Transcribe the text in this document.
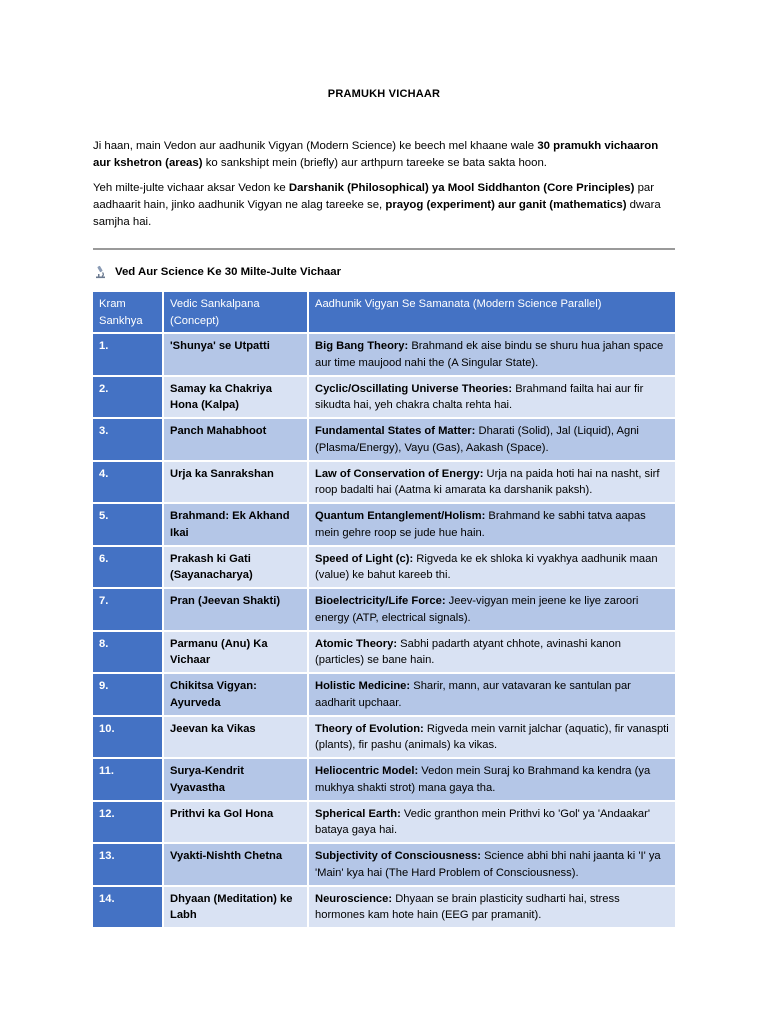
PRAMUKH VICHAAR

Ji haan, main Vedon aur aadhunik Vigyan (Modern Science) ke beech mel khaane wale 30 pramukh vichaaron aur kshetron (areas) ko sankshipt mein (briefly) aur arthpurn tareeke se bata sakta hoon.

Yeh milte-julte vichaar aksar Vedon ke Darshanik (Philosophical) ya Mool Siddhanton (Core Principles) par aadhaarit hain, jinko aadhunik Vigyan ne alag tareeke se, prayog (experiment) aur ganit (mathematics) dwara samjha hai.

Ved Aur Science Ke 30 Milte-Julte Vichaar
Kram Sankhya	Vedic Sankalpana (Concept)	Aadhunik Vigyan Se Samanata (Modern Science Parallel)
1.	'Shunya' se Utpatti	Big Bang Theory: Brahmand ek aise bindu se shuru hua jahan space aur time maujood nahi the (A Singular State).
2.	Samay ka Chakriya Hona (Kalpa)	Cyclic/Oscillating Universe Theories: Brahmand failta hai aur fir sikudta hai, yeh chakra chalta rehta hai.
3.	Panch Mahabhoot	Fundamental States of Matter: Dharati (Solid), Jal (Liquid), Agni (Plasma/Energy), Vayu (Gas), Aakash (Space).
4.	Urja ka Sanrakshan	Law of Conservation of Energy: Urja na paida hoti hai na nasht, sirf roop badalti hai (Aatma ki amarata ka darshanik paksh).
5.	Brahmand: Ek Akhand Ikai	Quantum Entanglement/Holism: Brahmand ke sabhi tatva aapas mein gehre roop se jude hue hain.
6.	Prakash ki Gati (Sayanacharya)	Speed of Light (c): Rigveda ke ek shloka ki vyakhya aadhunik maan (value) ke bahut kareeb thi.
7.	Pran (Jeevan Shakti)	Bioelectricity/Life Force: Jeev-vigyan mein jeene ke liye zaroori energy (ATP, electrical signals).
8.	Parmanu (Anu) Ka Vichaar	Atomic Theory: Sabhi padarth atyant chhote, avinashi kanon (particles) se bane hain.
9.	Chikitsa Vigyan: Ayurveda	Holistic Medicine: Sharir, mann, aur vatavaran ke santulan par aadharit upchaar.
10.	Jeevan ka Vikas	Theory of Evolution: Rigveda mein varnit jalchar (aquatic), fir vanaspti (plants), fir pashu (animals) ka vikas.
11.	Surya-Kendrit Vyavastha	Heliocentric Model: Vedon mein Suraj ko Brahmand ka kendra (ya mukhya shakti strot) mana gaya tha.
12.	Prithvi ka Gol Hona	Spherical Earth: Vedic granthon mein Prithvi ko 'Gol' ya 'Andaakar' bataya gaya hai.
13.	Vyakti-Nishth Chetna	Subjectivity of Consciousness: Science abhi bhi nahi jaanta ki 'I' ya 'Main' kya hai (The Hard Problem of Consciousness).
14.	Dhyaan (Meditation) ke Labh	Neuroscience: Dhyaan se brain plasticity sudharti hai, stress hormones kam hote hain (EEG par pramanit).
